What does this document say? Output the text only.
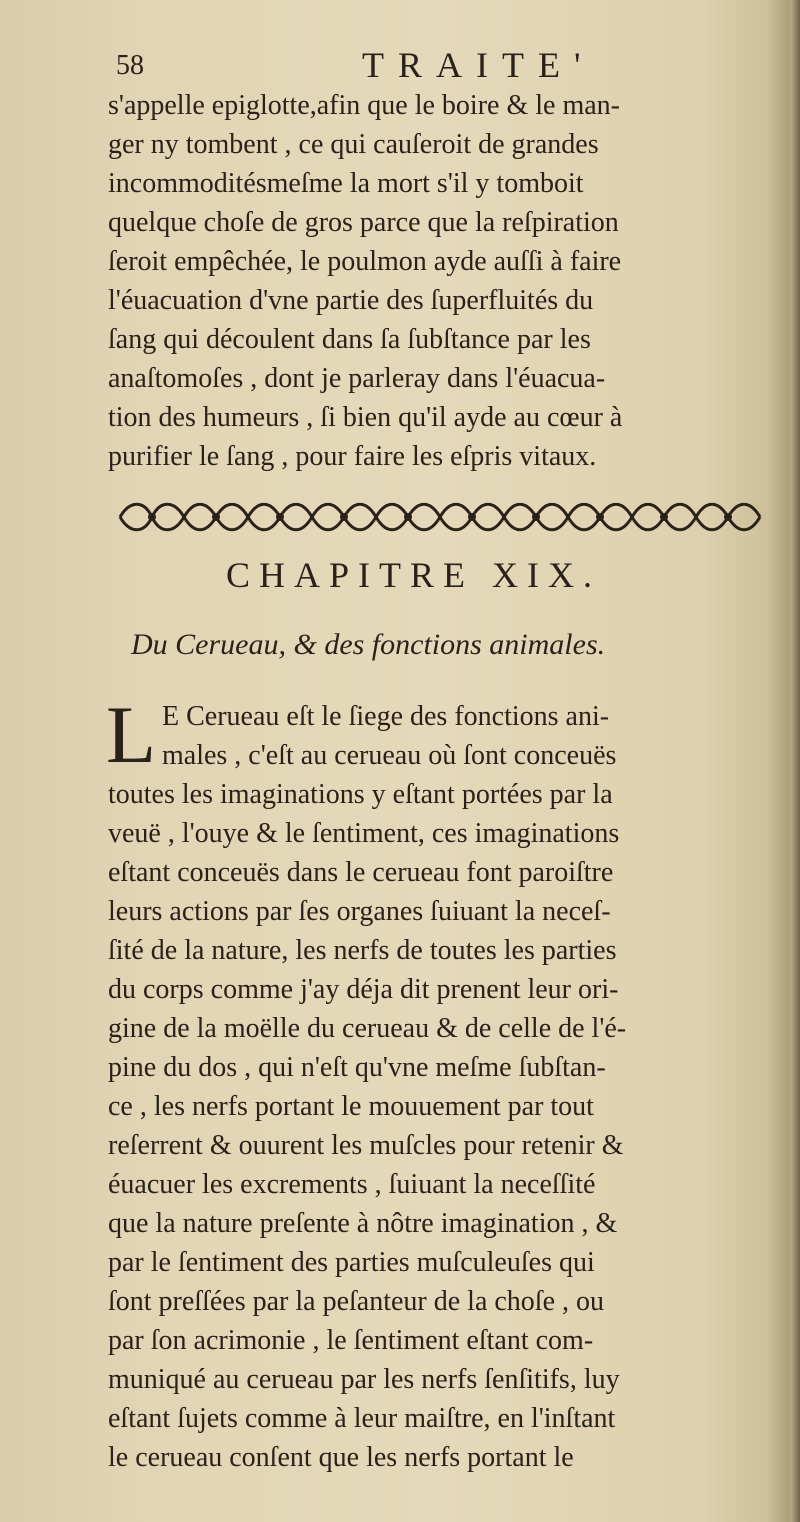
58	TRAITE'
s'appelle epiglotte,afin que le boire & le man-
ger ny tombent , ce qui cauſeroit de grandes
incommoditésmeſme la mort s'il y tomboit
quelque choſe de gros parce que la reſpiration
ſeroit empêchée, le poulmon ayde auſſi à faire
l'éuacuation d'vne partie des ſuperfluités du
ſang qui découlent dans ſa ſubſtance par les
anaſtomoſes , dont je parleray dans l'éuacua-
tion des humeurs , ſi bien qu'il ayde au cœur à
purifier le ſang , pour faire les eſpris vitaux.
CHAPITRE XIX.
Du Cerueau, & des fonctions animales.
L E Cerueau eſt le ſiege des fonctions ani-
males , c'eſt au cerueau où ſont conceuës
toutes les imaginations y eſtant portées par la
veuë , l'ouye & le ſentiment, ces imaginations
eſtant conceuës dans le cerueau font paroiſtre
leurs actions par ſes organes ſuiuant la neceſ-
ſité de la nature, les nerfs de toutes les parties
du corps comme j'ay déja dit prenent leur ori-
gine de la moëlle du cerueau & de celle de l'é-
pine du dos , qui n'eſt qu'vne meſme ſubſtan-
ce , les nerfs portant le mouuement par tout
reſerrent & ouurent les muſcles pour retenir &
éuacuer les excrements , ſuiuant la neceſſité
que la nature preſente à nôtre imagination , &
par le ſentiment des parties muſculeuſes qui
ſont preſſées par la peſanteur de la choſe , ou
par ſon acrimonie , le ſentiment eſtant com-
muniqué au cerueau par les nerfs ſenſitifs, luy
eſtant ſujets comme à leur maiſtre, en l'inſtant
le cerueau conſent que les nerfs portant le
